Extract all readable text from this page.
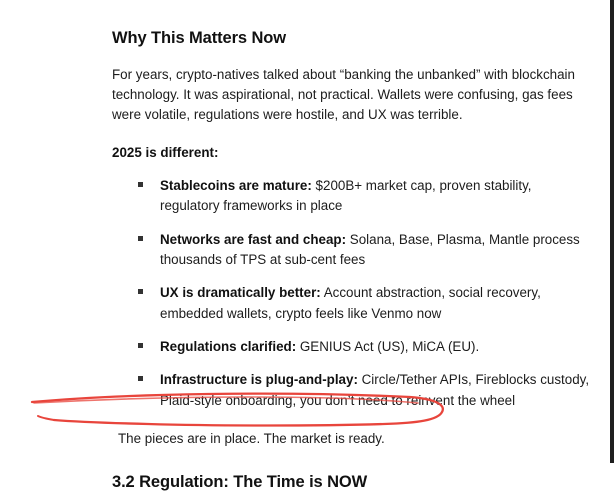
Why This Matters Now

For years, crypto-natives talked about “banking the unbanked” with blockchain technology. It was aspirational, not practical. Wallets were confusing, gas fees were volatile, regulations were hostile, and UX was terrible.

2025 is different:

Stablecoins are mature: $200B+ market cap, proven stability, regulatory frameworks in place
Networks are fast and cheap: Solana, Base, Plasma, Mantle process thousands of TPS at sub-cent fees
UX is dramatically better: Account abstraction, social recovery, embedded wallets, crypto feels like Venmo now
Regulations clarified: GENIUS Act (US), MiCA (EU).
Infrastructure is plug-and-play: Circle/Tether APIs, Fireblocks custody, Plaid-style onboarding, you don’t need to reinvent the wheel

The pieces are in place. The market is ready.

3.2 Regulation: The Time is NOW
